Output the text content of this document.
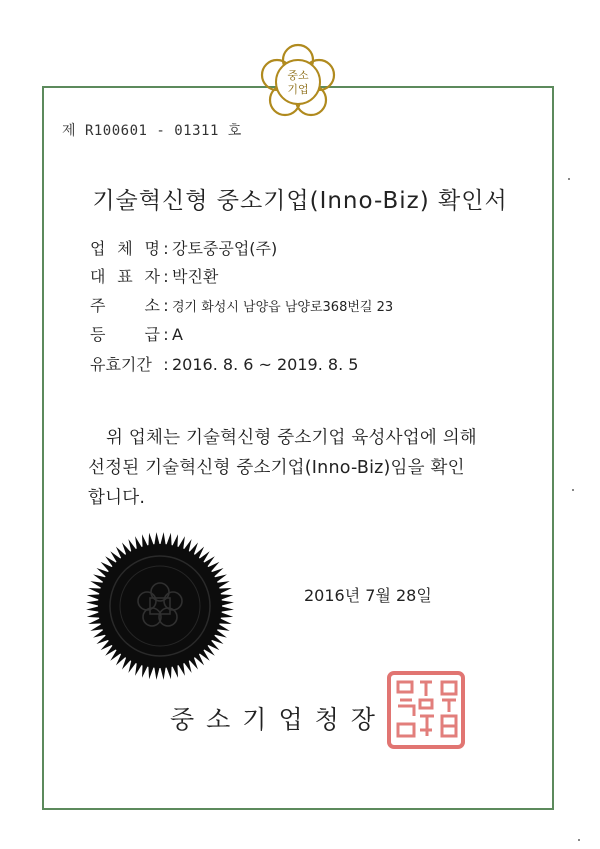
중소
기업
제 R100601 - 01311 호
기술혁신형 중소기업(Inno-Biz) 확인서
업 체 명 : 강토중공업(주)
대 표 자 : 박진환
주 소 : 경기 화성시 남양읍 남양로368번길 23
등 급 : A
유효기간 : 2016. 8. 6 ~ 2019. 8. 5
위 업체는 기술혁신형 중소기업 육성사업에 의해
선정된 기술혁신형 중소기업(Inno-Biz)임을 확인
합니다.
2016년 7월 28일
중소기업청장
